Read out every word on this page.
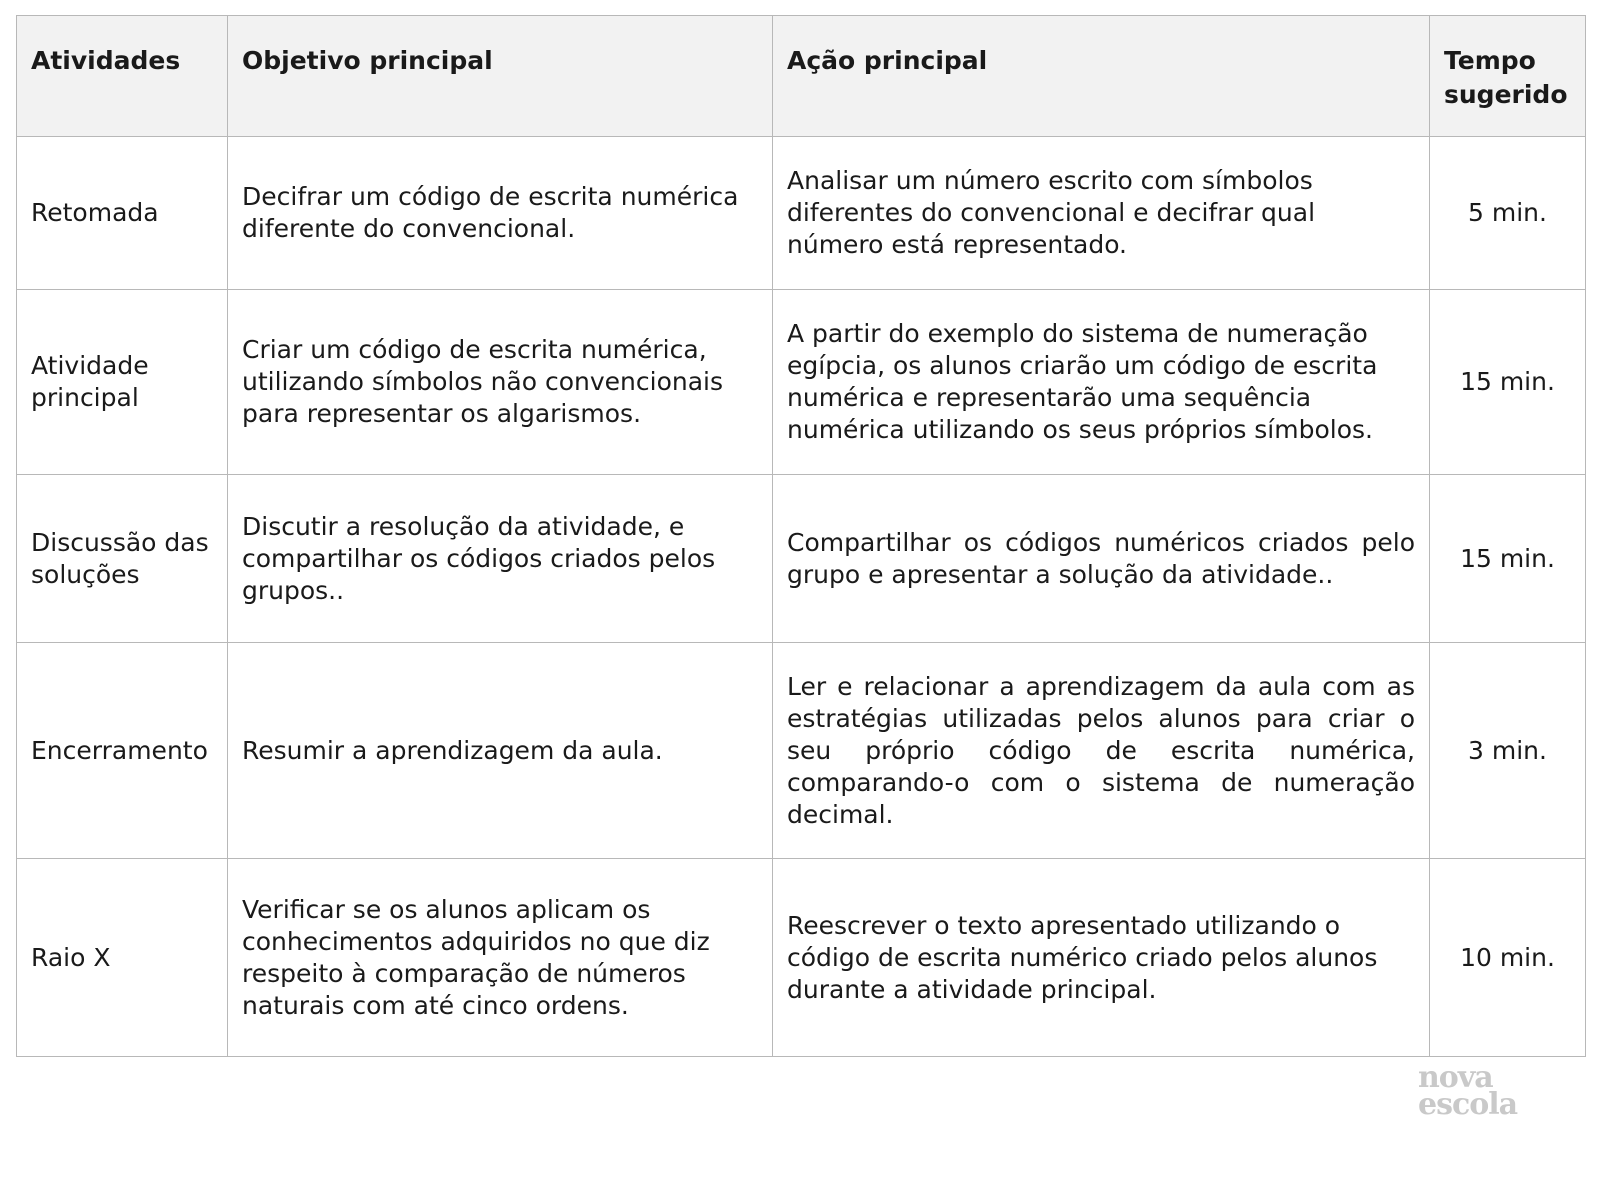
Atividades	Objetivo principal	Ação principal	Tempo sugerido
Retomada	Decifrar um código de escrita numérica diferente do convencional.	Analisar um número escrito com símbolos diferentes do convencional e decifrar qual número está representado.	5 min.
Atividade principal	Criar um código de escrita numérica, utilizando símbolos não convencionais para representar os algarismos.	A partir do exemplo do sistema de numeração egípcia, os alunos criarão um código de escrita numérica e representarão uma sequência numérica utilizando os seus próprios símbolos.	15 min.
Discussão das soluções	Discutir a resolução da atividade, e compartilhar os códigos criados pelos grupos..	Compartilhar os códigos numéricos criados pelo grupo e apresentar a solução da atividade..	15 min.
Encerramento	Resumir a aprendizagem da aula.	Ler e relacionar a aprendizagem da aula com as estratégias utilizadas pelos alunos para criar o seu próprio código de escrita numérica, comparando-o com o sistema de numeração decimal.	3 min.
Raio X	Verificar se os alunos aplicam os conhecimentos adquiridos no que diz respeito à comparação de números naturais com até cinco ordens.	Reescrever o texto apresentado utilizando o código de escrita numérico criado pelos alunos durante a atividade principal.	10 min.
nova
escola
